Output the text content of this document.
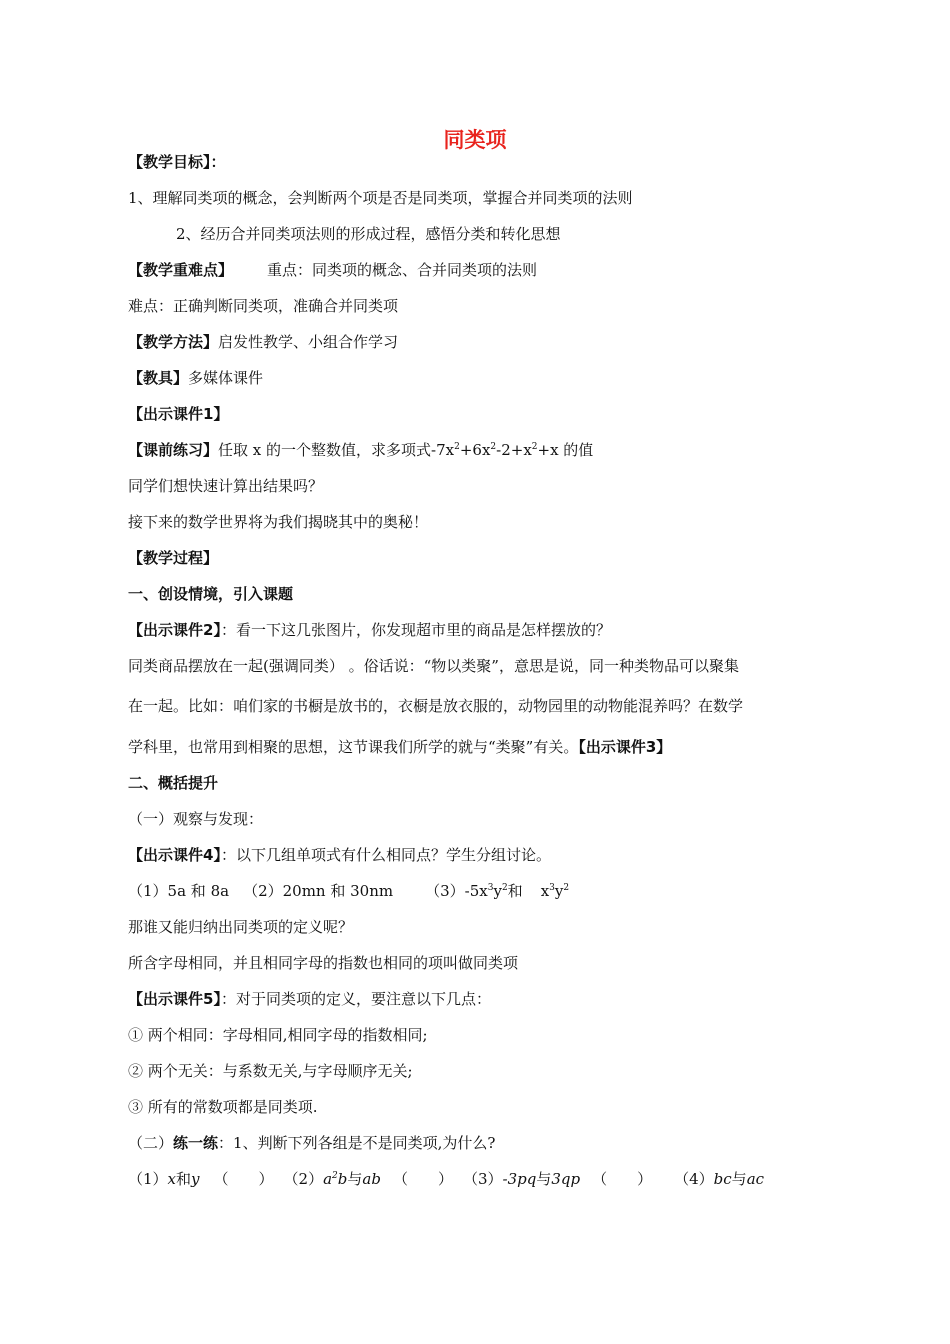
同类项
【教学目标】：
1、理解同类项的概念，会判断两个项是否是同类项，掌握合并同类项的法则
2、经历合并同类项法则的形成过程，感悟分类和转化思想
【教学重难点】 重点：同类项的概念、合并同类项的法则
难点：正确判断同类项，准确合并同类项
【教学方法】启发性教学、小组合作学习
【教具】多媒体课件
【出示课件1】
【课前练习】任取 x 的一个整数值，求多项式$-7x^2+6x^2-2+x^2+x$ 的值
同学们想快速计算出结果吗？
接下来的数学世界将为我们揭晓其中的奥秘！
【教学过程】
一、创设情境，引入课题
【出示课件2】：看一下这几张图片，你发现超市里的商品是怎样摆放的？
同类商品摆放在一起(强调同类） 。俗话说：“物以类聚”，意思是说，同一种类物品可以聚集
在一起。比如：咱们家的书橱是放书的，衣橱是放衣服的，动物园里的动物能混养吗？在数学
学科里，也常用到相聚的思想，这节课我们所学的就与“类聚”有关。【出示课件3】
二、概括提升
（一）观察与发现：
【出示课件4】：以下几组单项式有什么相同点？学生分组讨论。
（1）5a 和 8a （2）20mn 和 30nm $(3)-5x^3y^2$和 $x^3y^2$
那谁又能归纳出同类项的定义呢？
所含字母相同，并且相同字母的指数也相同的项叫做同类项
【出示课件5】：对于同类项的定义，要注意以下几点：
① 两个相同：字母相同,相同字母的指数相同;
② 两个无关：与系数无关,与字母顺序无关;
③ 所有的常数项都是同类项.
（二）练一练：1、判断下列各组是不是同类项,为什么?
（1）x和y （　　） $(2)a^2b$与ab （　　） （3）-3pq与3qp （　　） （4）bc与ac
